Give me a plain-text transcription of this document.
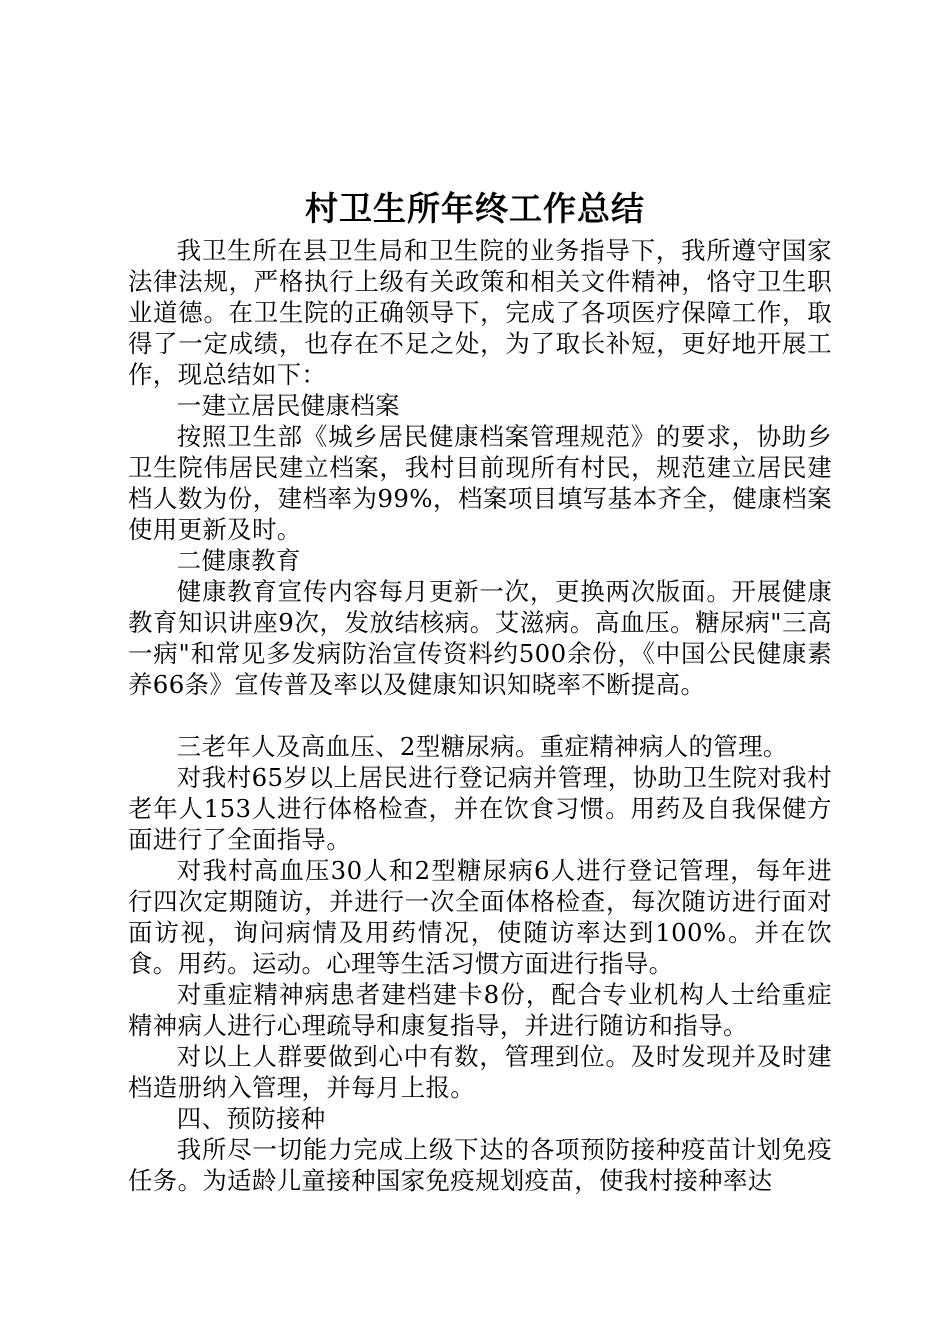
村卫生所年终工作总结

我卫生所在县卫生局和卫生院的业务指导下，我所遵守国家法律法规，严格执行上级有关政策和相关文件精神，恪守卫生职业道德。在卫生院的正确领导下，完成了各项医疗保障工作，取得了一定成绩，也存在不足之处，为了取长补短，更好地开展工作，现总结如下：

一建立居民健康档案

按照卫生部《城乡居民健康档案管理规范》的要求，协助乡卫生院伟居民建立档案，我村目前现所有村民，规范建立居民建档人数为份，建档率为99%，档案项目填写基本齐全，健康档案使用更新及时。

二健康教育

健康教育宣传内容每月更新一次，更换两次版面。开展健康教育知识讲座9次，发放结核病。艾滋病。高血压。糖尿病"三高一病"和常见多发病防治宣传资料约500余份，《中国公民健康素养66条》宣传普及率以及健康知识知晓率不断提高。

三老年人及高血压、2型糖尿病。重症精神病人的管理。

对我村65岁以上居民进行登记病并管理，协助卫生院对我村老年人153人进行体格检查，并在饮食习惯。用药及自我保健方面进行了全面指导。

对我村高血压30人和2型糖尿病6人进行登记管理，每年进行四次定期随访，并进行一次全面体格检查，每次随访进行面对面访视，询问病情及用药情况，使随访率达到100%。并在饮食。用药。运动。心理等生活习惯方面进行指导。

对重症精神病患者建档建卡8份，配合专业机构人士给重症精神病人进行心理疏导和康复指导，并进行随访和指导。

对以上人群要做到心中有数，管理到位。及时发现并及时建档造册纳入管理，并每月上报。

四、预防接种

我所尽一切能力完成上级下达的各项预防接种疫苗计划免疫任务。为适龄儿童接种国家免疫规划疫苗，使我村接种率达
